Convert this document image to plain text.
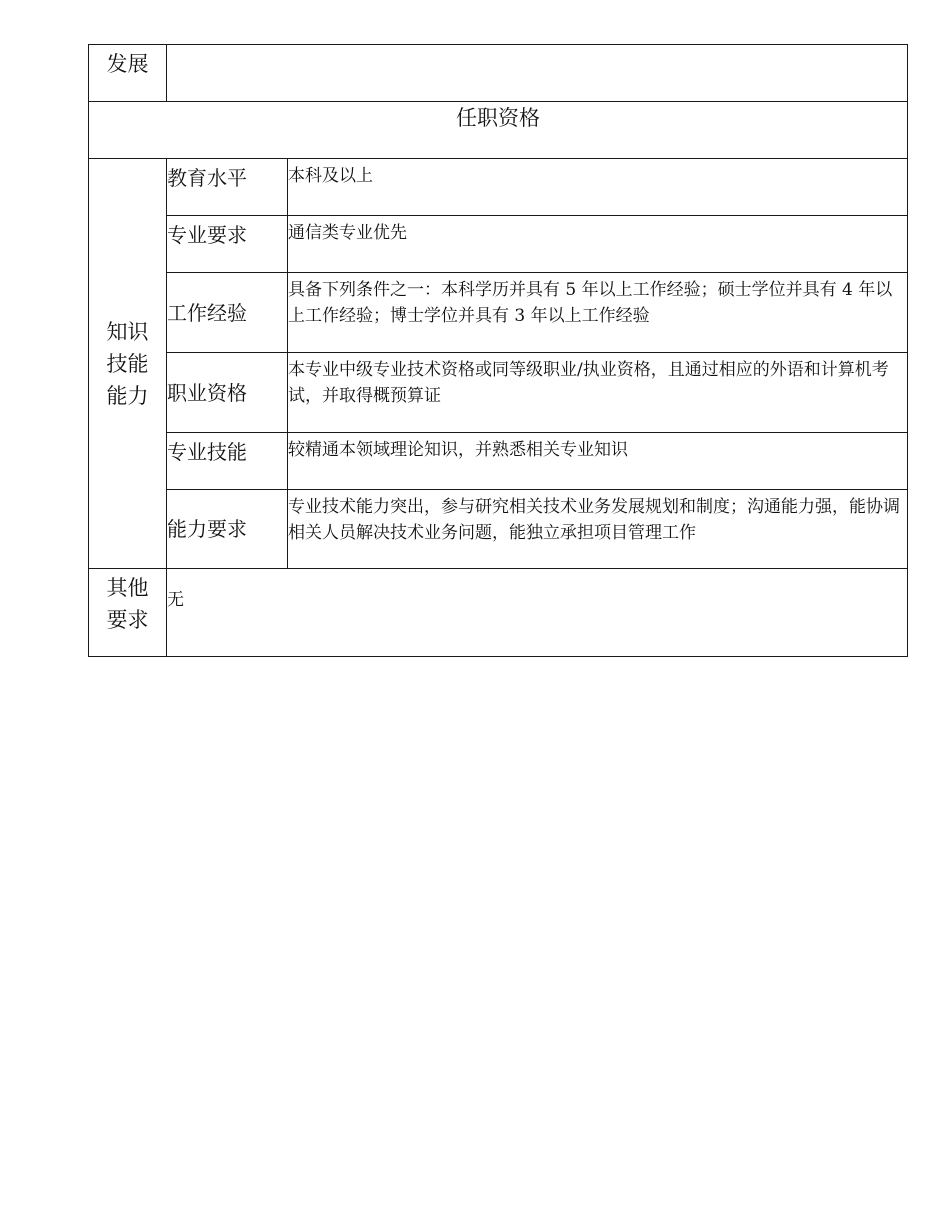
发展		
任职资格		

知识
技能
能力	教育水平	本科及以上
	专业要求	通信类专业优先
	工作经验	具备下列条件之一：本科学历并具有 5 年以上工作经验；硕士学位并具有 4 年以上工作经验；博士学位并具有 3 年以上工作经验
	职业资格	本专业中级专业技术资格或同等级职业/执业资格，且通过相应的外语和计算机考试，并取得概预算证
	专业技能	较精通本领域理论知识，并熟悉相关专业知识
	能力要求	专业技术能力突出，参与研究相关技术业务发展规划和制度；沟通能力强，能协调相关人员解决技术业务问题，能独立承担项目管理工作

其他
要求	无	
